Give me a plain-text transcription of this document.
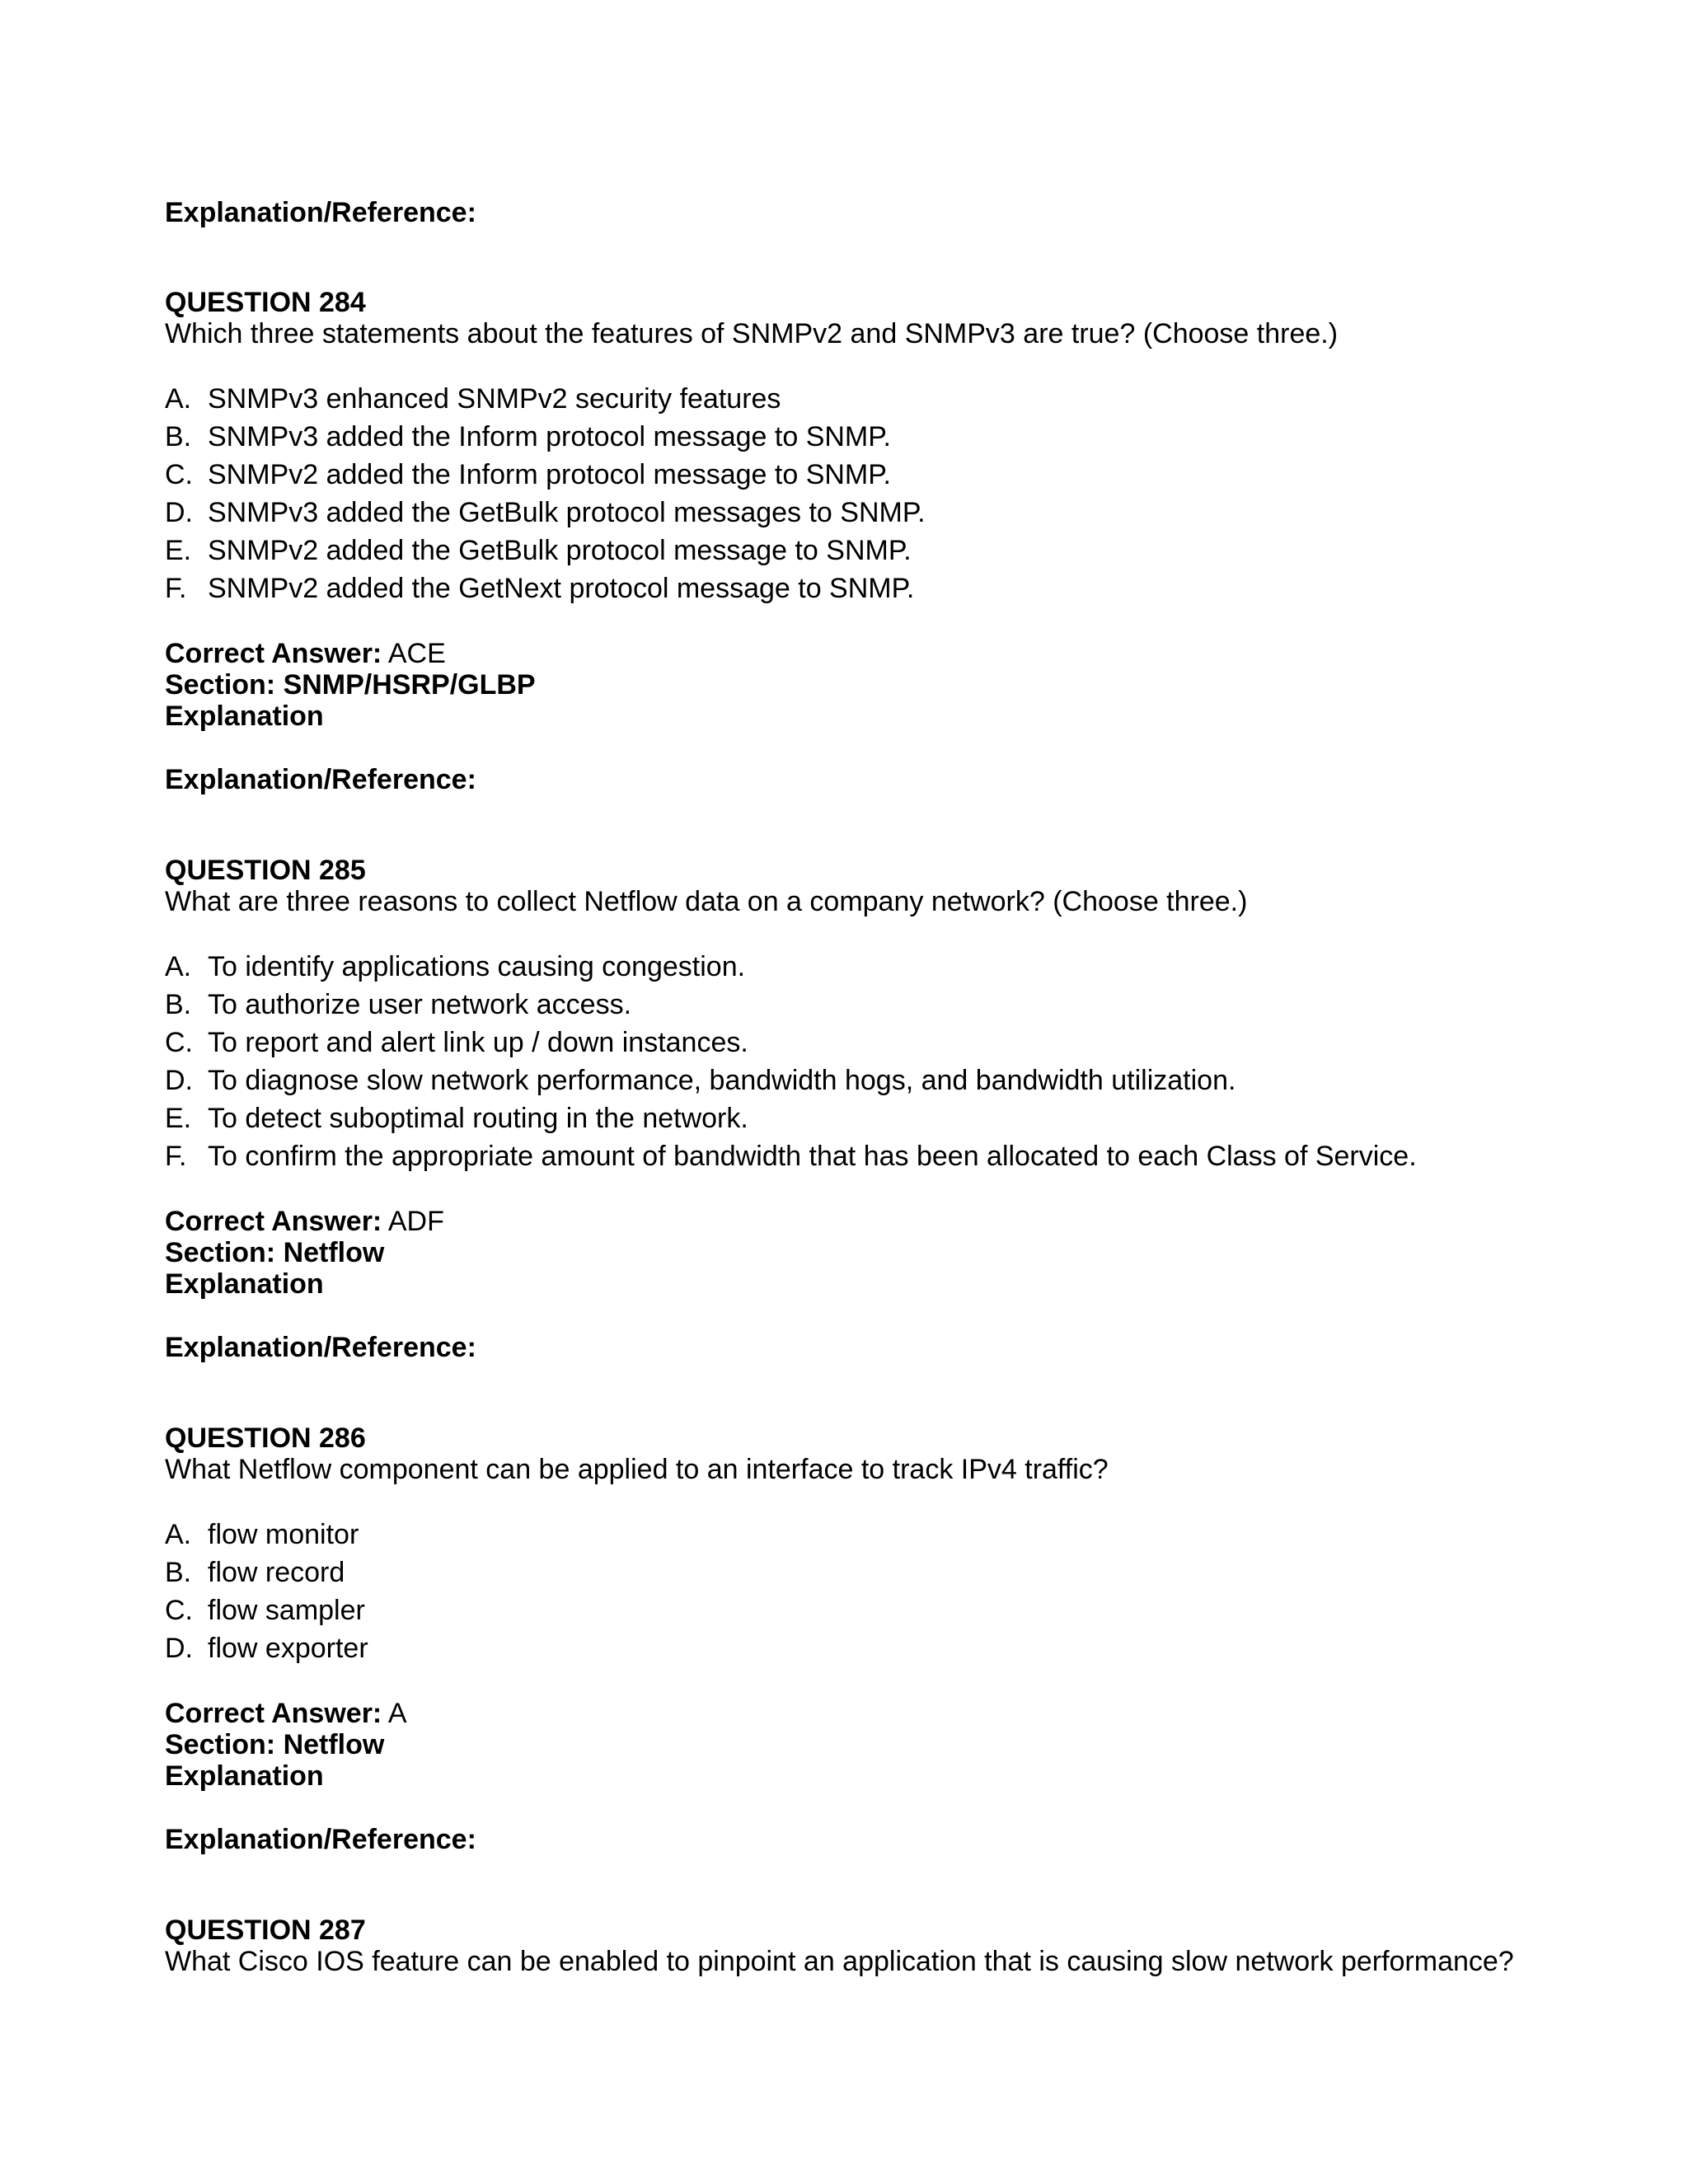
Explanation/Reference:
QUESTION 284
Which three statements about the features of SNMPv2 and SNMPv3 are true? (Choose three.)
A. SNMPv3 enhanced SNMPv2 security features
B. SNMPv3 added the Inform protocol message to SNMP.
C. SNMPv2 added the Inform protocol message to SNMP.
D. SNMPv3 added the GetBulk protocol messages to SNMP.
E. SNMPv2 added the GetBulk protocol message to SNMP.
F. SNMPv2 added the GetNext protocol message to SNMP.
Correct Answer: ACE
Section: SNMP/HSRP/GLBP
Explanation
Explanation/Reference:
QUESTION 285
What are three reasons to collect Netflow data on a company network? (Choose three.)
A. To identify applications causing congestion.
B. To authorize user network access.
C. To report and alert link up / down instances.
D. To diagnose slow network performance, bandwidth hogs, and bandwidth utilization.
E. To detect suboptimal routing in the network.
F. To confirm the appropriate amount of bandwidth that has been allocated to each Class of Service.
Correct Answer: ADF
Section: Netflow
Explanation
Explanation/Reference:
QUESTION 286
What Netflow component can be applied to an interface to track IPv4 traffic?
A. flow monitor
B. flow record
C. flow sampler
D. flow exporter
Correct Answer: A
Section: Netflow
Explanation
Explanation/Reference:
QUESTION 287
What Cisco IOS feature can be enabled to pinpoint an application that is causing slow network performance?
